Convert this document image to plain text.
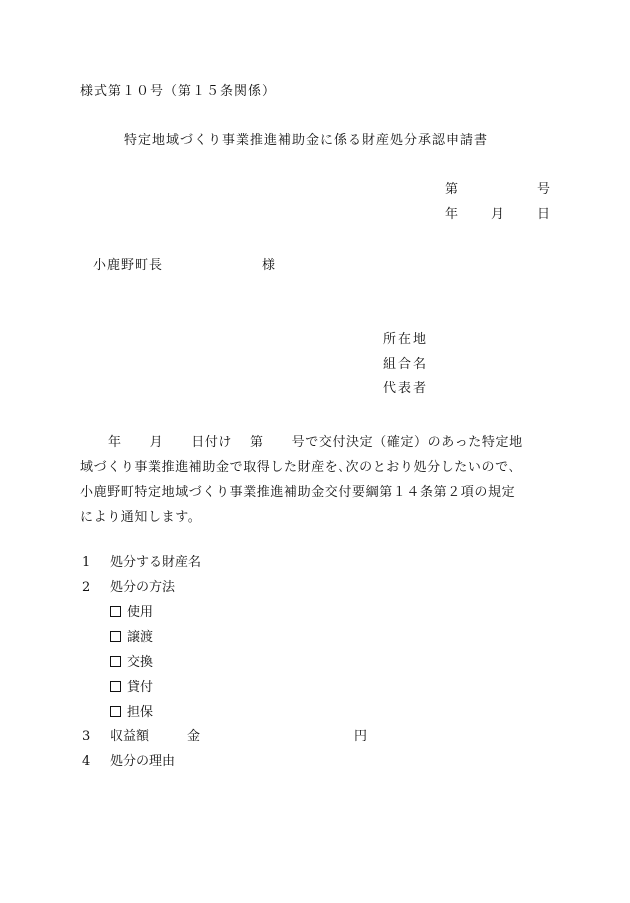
様式第１０号（第１５条関係）
特定地域づくり事業推進補助金に係る財産処分承認申請書
第	号
年	月	日
小鹿野町長	様
所在地
組合名
代表者
年 月 日付け 第 号で交付決定（確定）のあった特定地
域づくり事業推進補助金で取得した財産を､次のとおり処分したいので､
小鹿野町特定地域づくり事業推進補助金交付要綱第１４条第２項の規定
により通知します。
1 処分する財産名
2 処分の方法
使用
譲渡
交換
貸付
担保
3 収益額	金	円
4 処分の理由
